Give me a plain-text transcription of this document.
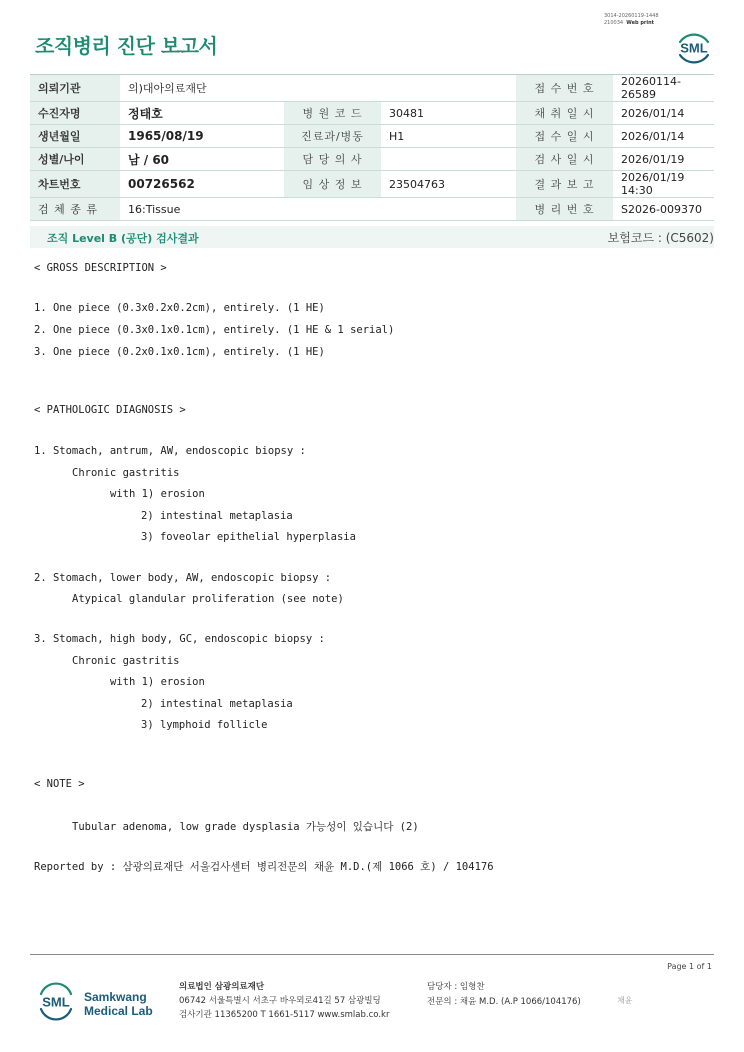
3014-20260119-1448
210034 Web print
조직병리 진단 보고서	SML
의뢰기관	의)대아의료재단			접 수 번 호	20260114-26589
수진자명	정태호	병 원 코 드	30481	채 취 일 시	2026/01/14
생년월일	1965/08/19	진료과/병동	H1	접 수 일 시	2026/01/14
성별/나이	남 / 60	담 당 의 사		검 사 일 시	2026/01/19
차트번호	00726562	임 상 정 보	23504763	결 과 보 고	2026/01/19 14:30
검 체 종 류	16:Tissue			병 리 번 호	S2026-009370
조직 Level B (공단) 검사결과	보험코드 : (C5602)
< GROSS DESCRIPTION >
1. One piece (0.3x0.2x0.2cm), entirely. (1 HE)
2. One piece (0.3x0.1x0.1cm), entirely. (1 HE & 1 serial)
3. One piece (0.2x0.1x0.1cm), entirely. (1 HE)
< PATHOLOGIC DIAGNOSIS >
1. Stomach, antrum, AW, endoscopic biopsy :
Chronic gastritis
with 1) erosion
2) intestinal metaplasia
3) foveolar epithelial hyperplasia
2. Stomach, lower body, AW, endoscopic biopsy :
Atypical glandular proliferation (see note)
3. Stomach, high body, GC, endoscopic biopsy :
Chronic gastritis
with 1) erosion
2) intestinal metaplasia
3) lymphoid follicle
< NOTE >
Tubular adenoma, low grade dysplasia 가능성이 있습니다 (2)
Reported by : 삼광의료재단 서울검사센터 병리전문의 채윤 M.D.(제 1066 호) / 104176
Page 1 of 1
SML Samkwang
Medical Lab
의료법인 삼광의료재단
06742 서울특별시 서초구 바우뫼로41길 57 삼광빌딩
검사기관 11365200 T 1661-5117 www.smlab.co.kr
담당자 : 임형찬
전문의 : 채윤 M.D. (A.P 1066/104176)	채윤
